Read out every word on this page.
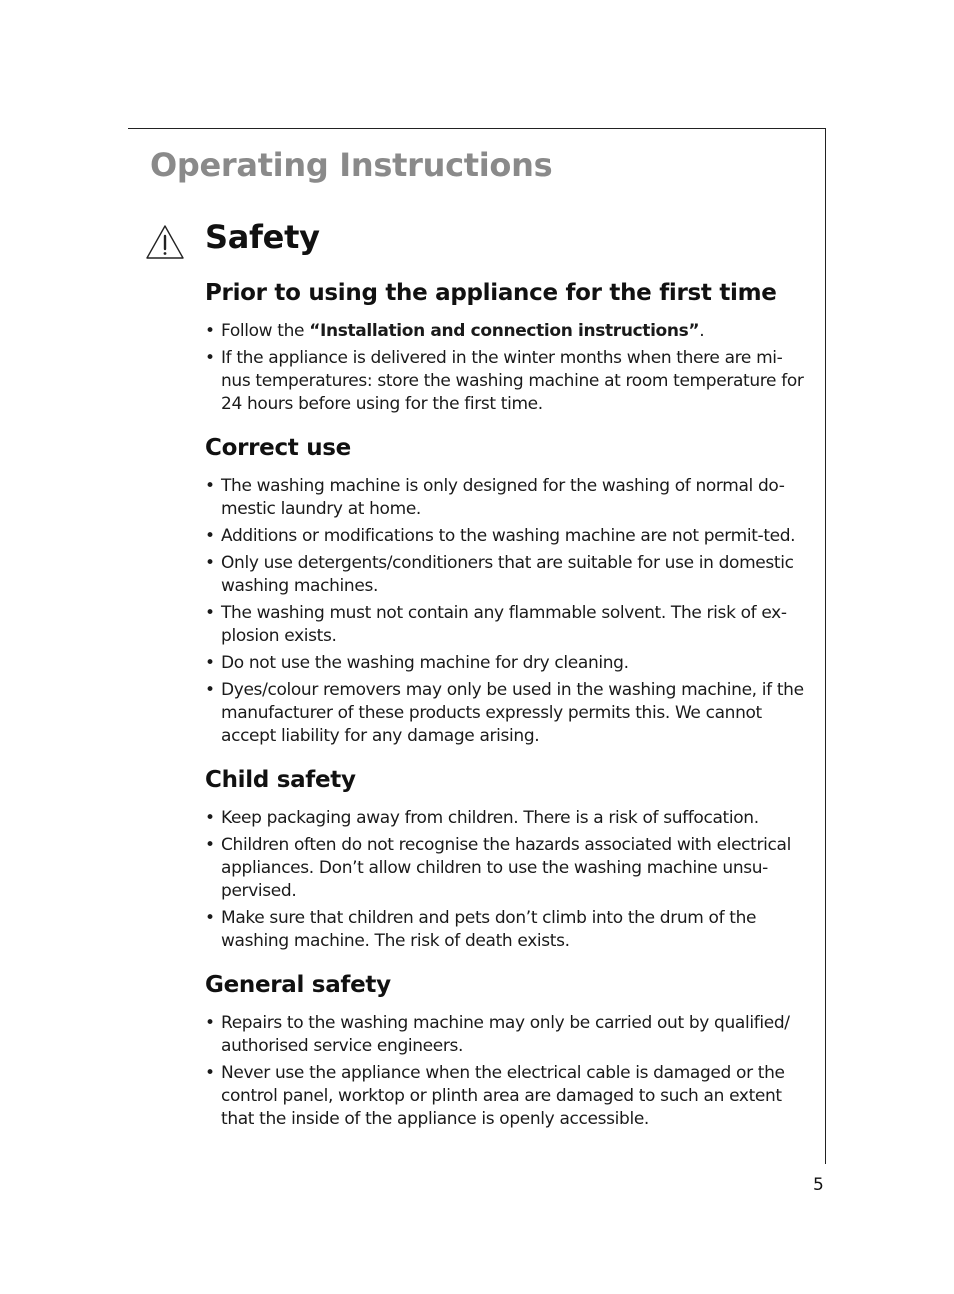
Operating Instructions
Safety
Prior to using the appliance for the first time
• Follow the “Installation and connection instructions”.
• If the appliance is delivered in the winter months when there are mi-nus temperatures: store the washing machine at room temperature for 24 hours before using for the first time.
Correct use
• The washing machine is only designed for the washing of normal do-mestic laundry at home.
• Additions or modifications to the washing machine are not permit-ted.
• Only use detergents/conditioners that are suitable for use in domestic washing machines.
• The washing must not contain any flammable solvent. The risk of ex-plosion exists.
• Do not use the washing machine for dry cleaning.
• Dyes/colour removers may only be used in the washing machine, if the manufacturer of these products expressly permits this. We cannot accept liability for any damage arising.
Child safety
• Keep packaging away from children. There is a risk of suffocation.
• Children often do not recognise the hazards associated with electrical appliances. Don’t allow children to use the washing machine unsu-pervised.
• Make sure that children and pets don’t climb into the drum of the washing machine. The risk of death exists.
General safety
• Repairs to the washing machine may only be carried out by qualified/ authorised service engineers.
• Never use the appliance when the electrical cable is damaged or the control panel, worktop or plinth area are damaged to such an extent that the inside of the appliance is openly accessible.
5
